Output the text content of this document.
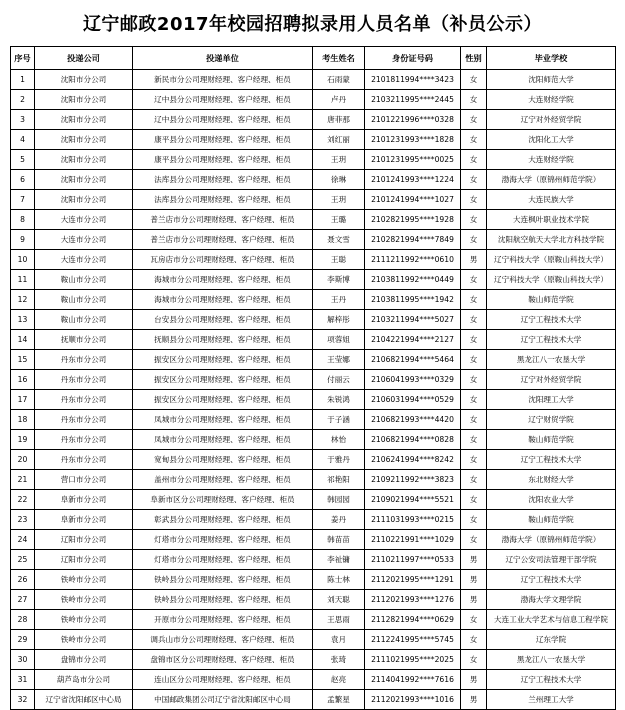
辽宁邮政2017年校园招聘拟录用人员名单（补员公示）
序号	投递公司	投递单位	考生姓名	身份证号码	性别	毕业学校
1	沈阳市分公司	新民市分公司理财经理、客户经理、柜员	石雨蒙	2101811994****3423	女	沈阳师范大学
2	沈阳市分公司	辽中县分公司理财经理、客户经理、柜员	卢丹	2103211995****2445	女	大连财经学院
3	沈阳市分公司	辽中县分公司理财经理、客户经理、柜员	唐菲那	2101221996****0328	女	辽宁对外经贸学院
4	沈阳市分公司	康平县分公司理财经理、客户经理、柜员	刘红丽	2101231993****1828	女	沈阳化工大学
5	沈阳市分公司	康平县分公司理财经理、客户经理、柜员	王玥	2101231995****0025	女	大连财经学院
6	沈阳市分公司	法库县分公司理财经理、客户经理、柜员	徐琳	2101241993****1224	女	渤海大学（原锦州师范学院）
7	沈阳市分公司	法库县分公司理财经理、客户经理、柜员	王玥	2101241994****1027	女	大连民族大学
8	大连市分公司	普兰店市分公司理财经理、客户经理、柜员	王璐	2102821995****1928	女	大连枫叶职业技术学院
9	大连市分公司	普兰店市分公司理财经理、客户经理、柜员	聂文雪	2102821994****7849	女	沈阳航空航天大学北方科技学院
10	大连市分公司	瓦房店市分公司理财经理、客户经理、柜员	王聪	2111211992****0610	男	辽宁科技大学（原鞍山科技大学）
11	鞍山市分公司	海城市分公司理财经理、客户经理、柜员	李斯博	2103811992****0449	女	辽宁科技大学（原鞍山科技大学）
12	鞍山市分公司	海城市分公司理财经理、客户经理、柜员	王丹	2103811995****1942	女	鞍山师范学院
13	鞍山市分公司	台安县分公司理财经理、客户经理、柜员	解梓彤	2103211994****5027	女	辽宁工程技术大学
14	抚顺市分公司	抚顺县分公司理财经理、客户经理、柜员	项蓉姐	2104221994****2127	女	辽宁工程技术大学
15	丹东市分公司	振安区分公司理财经理、客户经理、柜员	王莹娜	2106821994****5464	女	黑龙江八一农垦大学
16	丹东市分公司	振安区分公司理财经理、客户经理、柜员	付丽云	2106041993****0329	女	辽宁对外经贸学院
17	丹东市分公司	振安区分公司理财经理、客户经理、柜员	朱锐鸿	2106031994****0529	女	沈阳理工大学
18	丹东市分公司	凤城市分公司理财经理、客户经理、柜员	于子涵	2106821993****4420	女	辽宁财贸学院
19	丹东市分公司	凤城市分公司理财经理、客户经理、柜员	林怡	2106821994****0828	女	鞍山师范学院
20	丹东市分公司	宽甸县分公司理财经理、客户经理、柜员	于雅丹	2106241994****8242	女	辽宁工程技术大学
21	营口市分公司	盖州市分公司理财经理、客户经理、柜员	祁艳阳	2109211992****3823	女	东北财经大学
22	阜新市分公司	阜新市区分公司理财经理、客户经理、柜员	韩园园	2109021994****5521	女	沈阳农业大学
23	阜新市分公司	彰武县分公司理财经理、客户经理、柜员	姜丹	2111031993****0215	女	鞍山师范学院
24	辽阳市分公司	灯塔市分公司理财经理、客户经理、柜员	韩苗苗	2110221991****1029	女	渤海大学（原锦州师范学院）
25	辽阳市分公司	灯塔市分公司理财经理、客户经理、柜员	李祉镛	2110211997****0533	男	辽宁公安司法管理干部学院
26	铁岭市分公司	铁岭县分公司理财经理、客户经理、柜员	陈士林	2112021995****1291	男	辽宁工程技术大学
27	铁岭市分公司	铁岭县分公司理财经理、客户经理、柜员	刘天聪	2112021993****1276	男	渤海大学文理学院
28	铁岭市分公司	开原市分公司理财经理、客户经理、柜员	王思雨	2112821994****0629	女	大连工业大学艺术与信息工程学院
29	铁岭市分公司	调兵山市分公司理财经理、客户经理、柜员	袁月	2112241995****5745	女	辽东学院
30	盘锦市分公司	盘锦市区分公司理财经理、客户经理、柜员	张琦	2111021995****2025	女	黑龙江八一农垦大学
31	葫芦岛市分公司	连山区分公司理财经理、客户经理、柜员	赵亮	2114041992****7616	男	辽宁工程技术大学
32	辽宁省沈阳邮区中心局	中国邮政集团公司辽宁省沈阳邮区中心局	孟繁星	2112021993****1016	男	兰州理工大学
